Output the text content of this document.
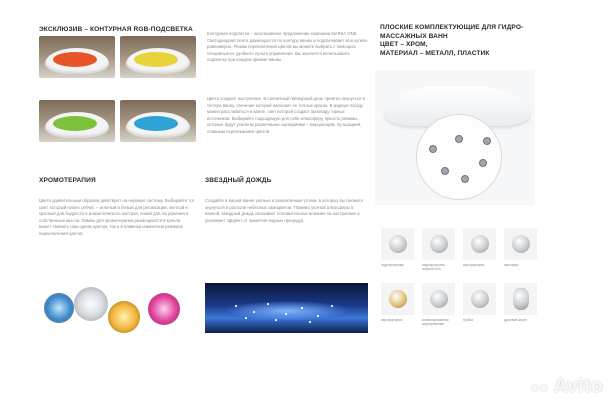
ЭКСКЛЮЗИВ – КОНТУРНАЯ RGB-ПОДСВЕТКА
Контурная подсветка – эксклюзивное предложение компании МАRКА ONE. Светодиодная лента размещается по контуру ванны и подсвечивает всю купель равномерно. Режим переключения цветов вы можете выбрать с помощью специального удобного пульта управления. Вы захочется использовать подсветку при каждом приеме ванны.
Цвета создают настроение. В солнечный пасмурный день приятно окунуться в теплую ванну, свечение которой наполнит ее теплых красок. В жаркую погоду можно расслабиться в ванне, свет которой создаст прохладу горных источников. Выбирайте подходящую для себя атмосферу, яркость режимы, которые будут усилены различными сценариями – мерцающим, пульсацией, плавным перетеканием цветов.
ПЛОСКИЕ КОМПЛЕКТУЮЩИЕ ДЛЯ ГИДРО-
МАССАЖНЫХ ВАНН
ЦВЕТ – ХРОМ,
МАТЕРИАЛ – МЕТАЛЛ, ПЛАСТИК
гидрофорсунка	гидрофорсунка-
жирный сток
аэрофорсунка	аэрофорс
аэрофорсунка	комбинированная
жироприемная
трубка	душевой шланг
ХРОМОТЕРАПИЯ
Цвета удивительным образом действуют на нервную систему. Выбирайте тот цвет, который нужен сейчас – зеленый и белый для релаксации, желтый и красный для бодрости и романтического настроя, синий для погружения в собственные мысли. Лампы для хромотерапии размещаются в купели, может сменить нам одним цветом, так и в плавном изменении режимов переключения цветов.
ЗВЕЗДНЫЙ ДОЖДЬ
Создайте в вашей ванне уютные и романтичные уголки, в которых вы сможете окунуться в россыпи небесных самоцветов. Помимо уютной атмосферы в ванной, звездный дождь оказывает положительное влияние на настроение и усиливает эффект от принятия водных процедур.
●● Avito
